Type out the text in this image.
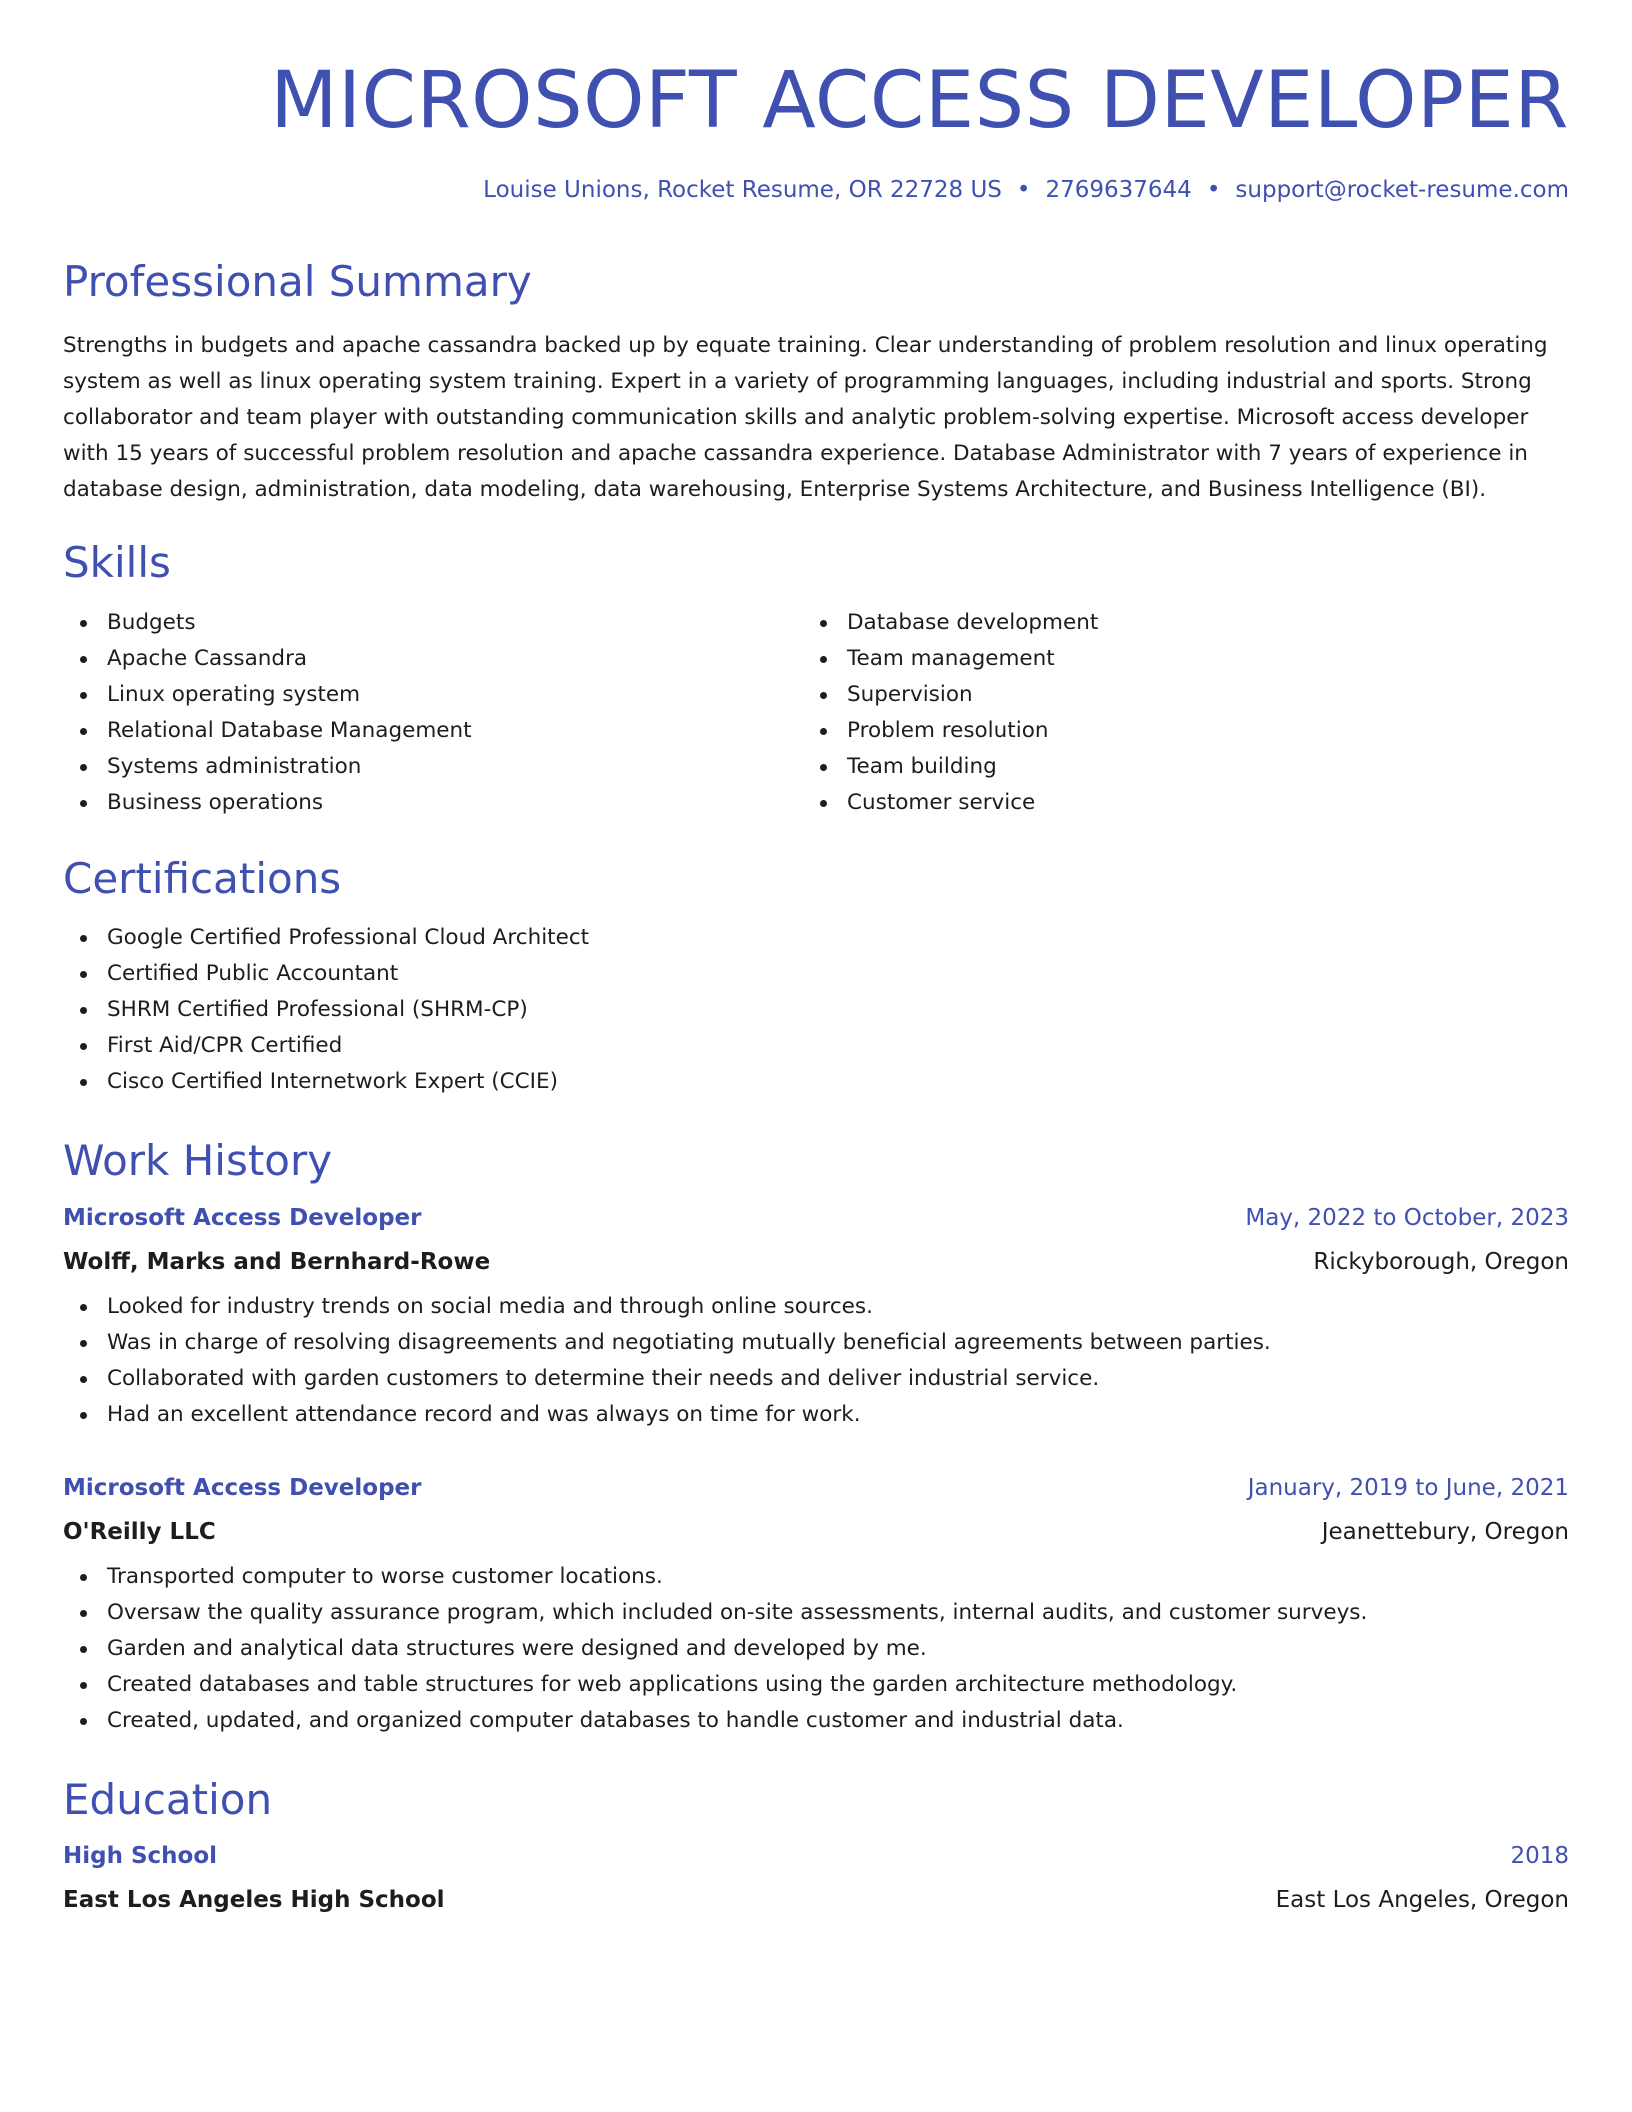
MICROSOFT ACCESS DEVELOPER
Louise Unions, Rocket Resume, OR 22728 US • 2769637644 • support@rocket-resume.com
Professional Summary

Strengths in budgets and apache cassandra backed up by equate training. Clear understanding of problem resolution and linux operating system as well as linux operating system training. Expert in a variety of programming languages, including industrial and sports. Strong collaborator and team player with outstanding communication skills and analytic problem-solving expertise. Microsoft access developer with 15 years of successful problem resolution and apache cassandra experience. Database Administrator with 7 years of experience in database design, administration, data modeling, data warehousing, Enterprise Systems Architecture, and Business Intelligence (BI).

Skills
Budgets
Apache Cassandra
Linux operating system
Relational Database Management
Systems administration
Business operations
Database development
Team management
Supervision
Problem resolution
Team building
Customer service
Certifications
Google Certified Professional Cloud Architect
Certified Public Accountant
SHRM Certified Professional (SHRM-CP)
First Aid/CPR Certified
Cisco Certified Internetwork Expert (CCIE)
Work History
Microsoft Access Developer	May, 2022 to October, 2023
Wolff, Marks and Bernhard-Rowe	Rickyborough, Oregon
Looked for industry trends on social media and through online sources.
Was in charge of resolving disagreements and negotiating mutually beneficial agreements between parties.
Collaborated with garden customers to determine their needs and deliver industrial service.
Had an excellent attendance record and was always on time for work.
Microsoft Access Developer	January, 2019 to June, 2021
O'Reilly LLC	Jeanettebury, Oregon
Transported computer to worse customer locations.
Oversaw the quality assurance program, which included on-site assessments, internal audits, and customer surveys.
Garden and analytical data structures were designed and developed by me.
Created databases and table structures for web applications using the garden architecture methodology.
Created, updated, and organized computer databases to handle customer and industrial data.
Education
High School	2018
East Los Angeles High School	East Los Angeles, Oregon
